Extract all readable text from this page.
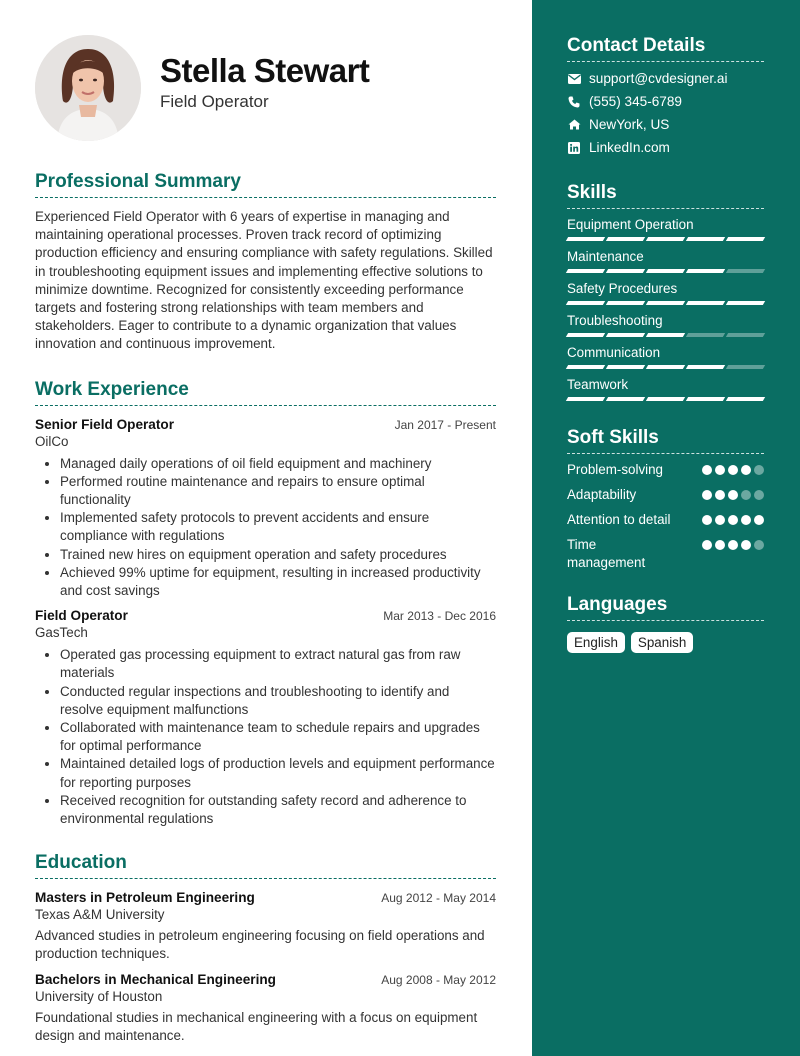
Stella Stewart
Field Operator
Professional Summary

Experienced Field Operator with 6 years of expertise in managing and maintaining operational processes. Proven track record of optimizing production efficiency and ensuring compliance with safety regulations. Skilled in troubleshooting equipment issues and implementing effective solutions to minimize downtime. Recognized for consistently exceeding performance targets and fostering strong relationships with team members and stakeholders. Eager to contribute to a dynamic organization that values innovation and continuous improvement.

Work Experience
Senior Field Operator	Jan 2017 - Present
OilCo
• Managed daily operations of oil field equipment and machinery
• Performed routine maintenance and repairs to ensure optimal functionality
• Implemented safety protocols to prevent accidents and ensure compliance with regulations
• Trained new hires on equipment operation and safety procedures
• Achieved 99% uptime for equipment, resulting in increased productivity and cost savings
Field Operator	Mar 2013 - Dec 2016
GasTech
• Operated gas processing equipment to extract natural gas from raw materials
• Conducted regular inspections and troubleshooting to identify and resolve equipment malfunctions
• Collaborated with maintenance team to schedule repairs and upgrades for optimal performance
• Maintained detailed logs of production levels and equipment performance for reporting purposes
• Received recognition for outstanding safety record and adherence to environmental regulations
Education
Masters in Petroleum Engineering	Aug 2012 - May 2014
Texas A&M University

Advanced studies in petroleum engineering focusing on field operations and production techniques.

Bachelors in Mechanical Engineering	Aug 2008 - May 2012
University of Houston

Foundational studies in mechanical engineering with a focus on equipment design and maintenance.

Contact Details
support@cvdesigner.ai
(555) 345-6789
NewYork, US
LinkedIn.com
Skills
Equipment Operation
Maintenance
Safety Procedures
Troubleshooting
Communication
Teamwork
Soft Skills
Problem-solving
Adaptability
Attention to detail
Time management
Languages
English	Spanish
